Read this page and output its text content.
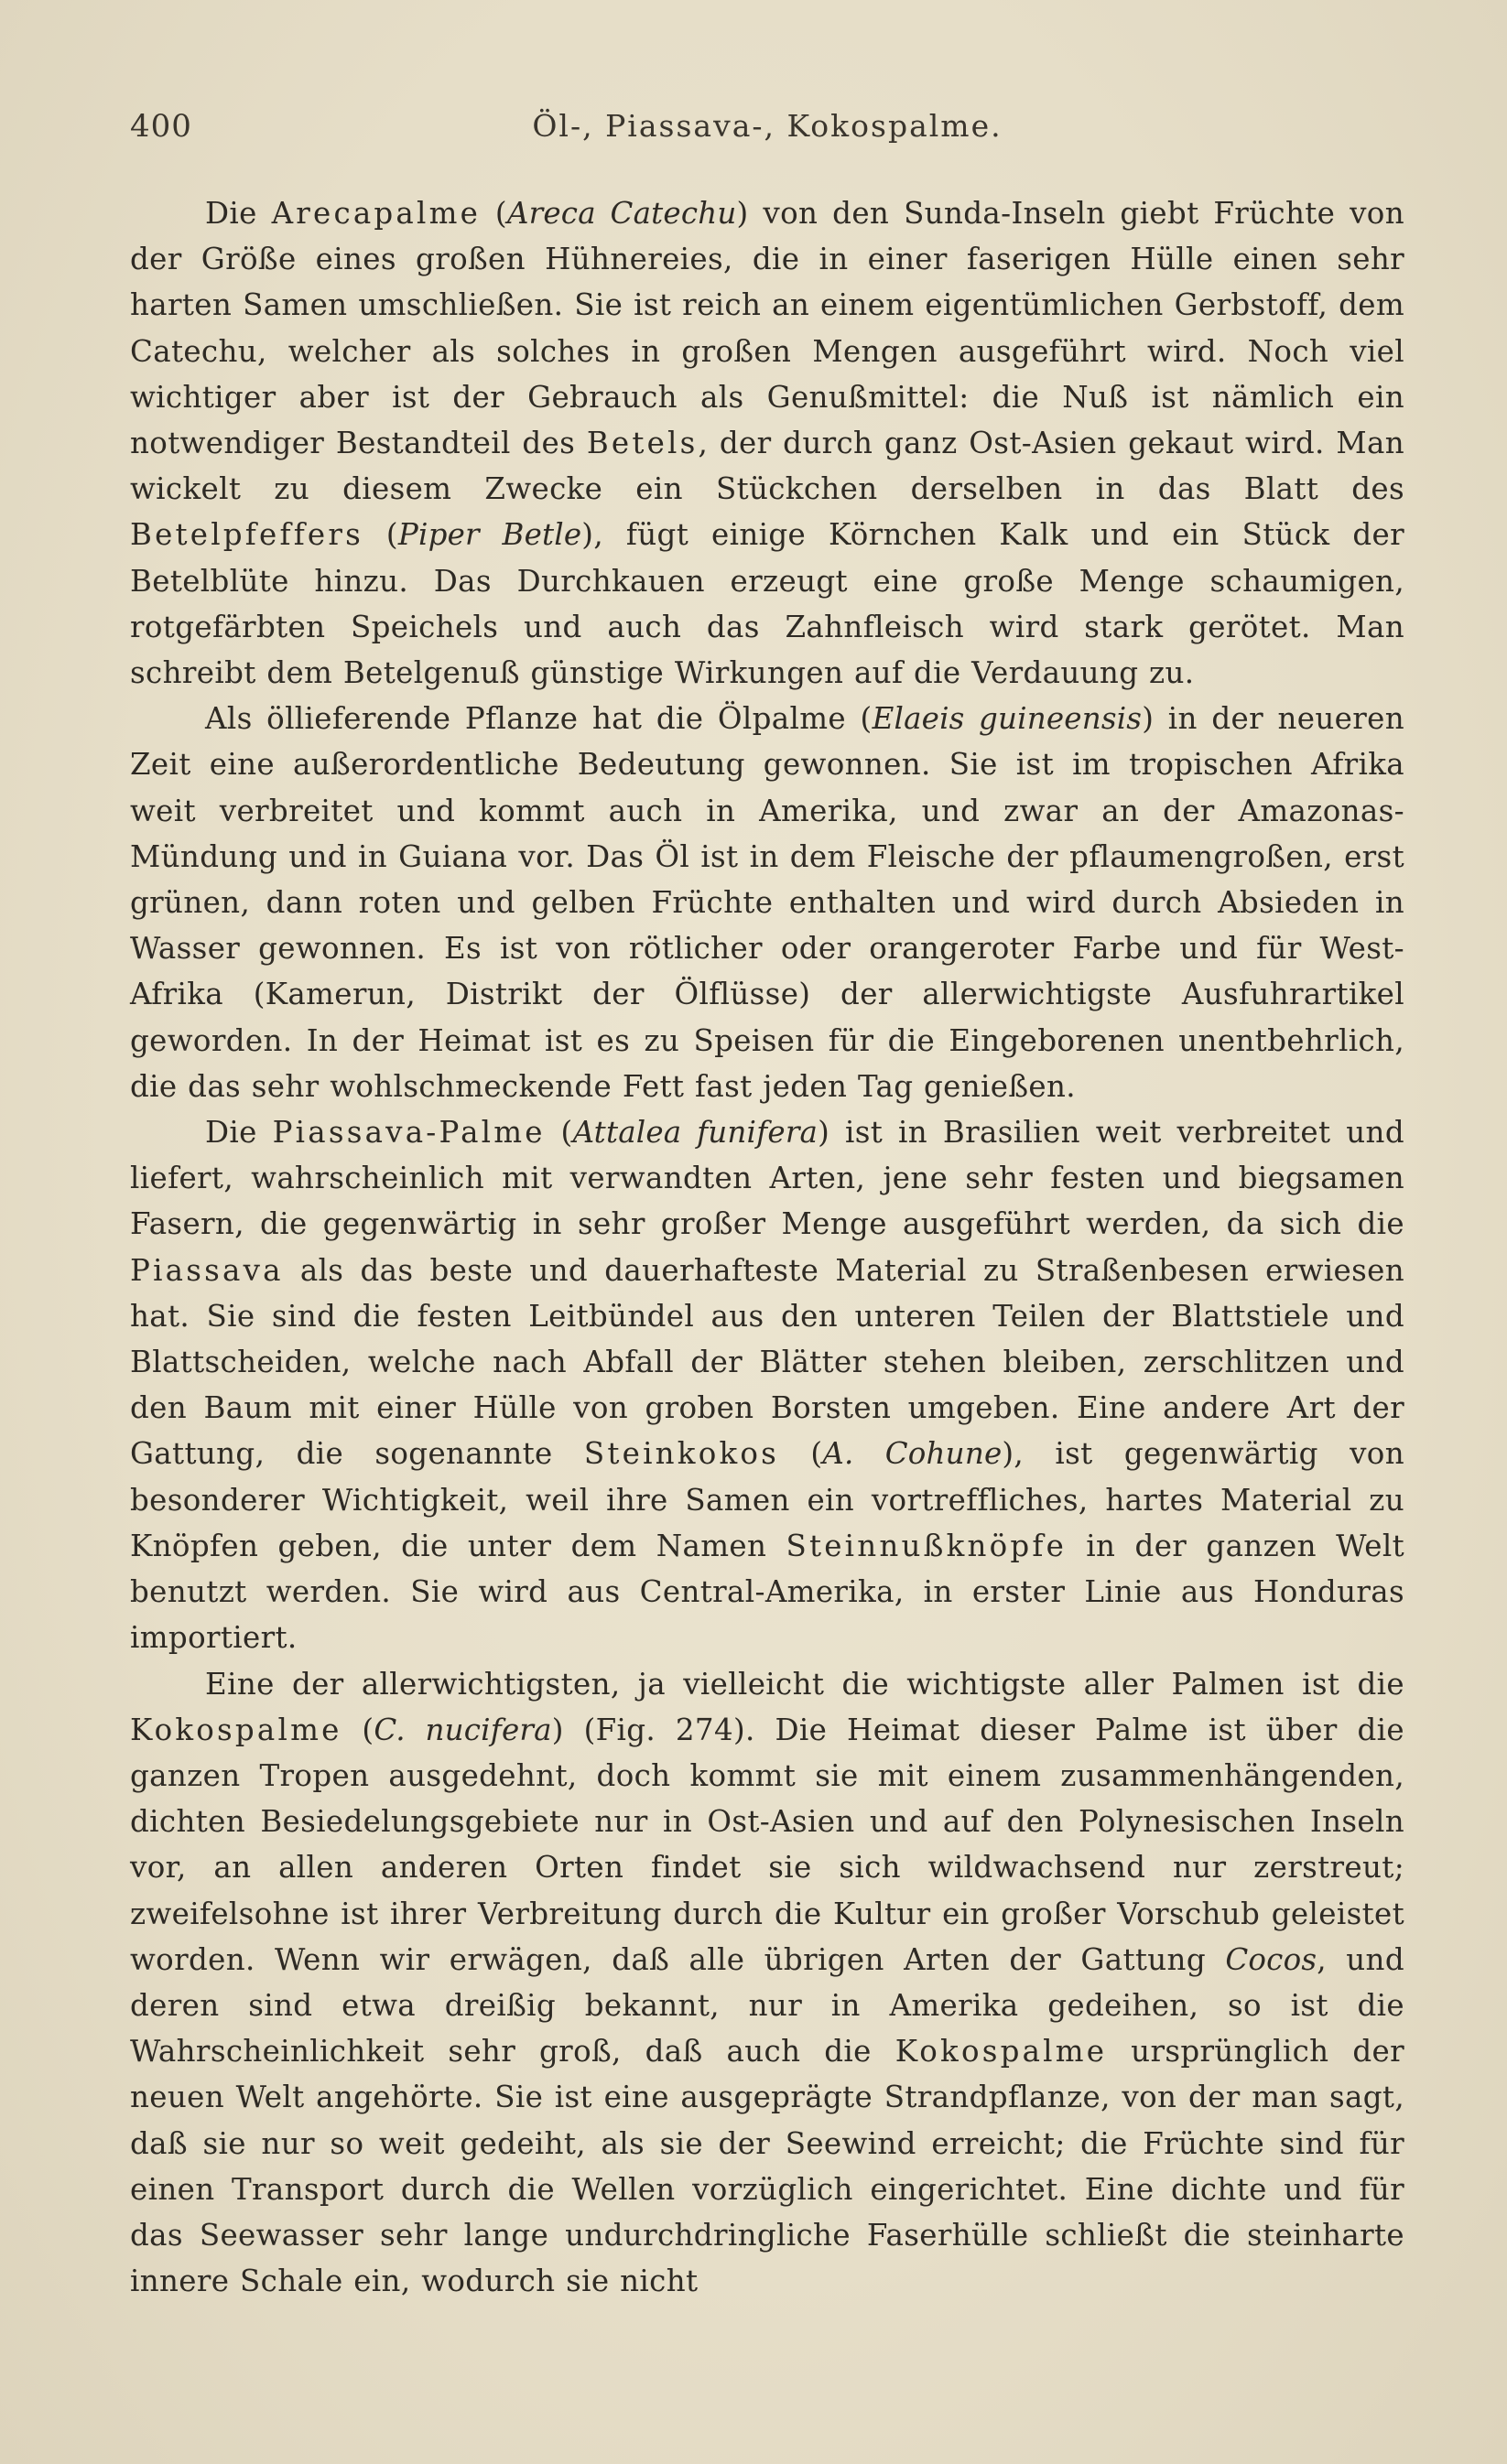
400	Öl-, Piassava-, Kokospalme.

Die Arecapalme (Areca Catechu) von den Sunda-Inseln giebt Früchte von der Größe eines großen Hühnereies, die in einer faserigen Hülle einen sehr harten Samen umschließen. Sie ist reich an einem eigentümlichen Gerbstoff, dem Catechu, welcher als solches in großen Mengen ausgeführt wird. Noch viel wichtiger aber ist der Gebrauch als Genußmittel: die Nuß ist nämlich ein notwendiger Bestandteil des Betels, der durch ganz Ost-Asien gekaut wird. Man wickelt zu diesem Zwecke ein Stückchen derselben in das Blatt des Betelpfeffers (Piper Betle), fügt einige Körnchen Kalk und ein Stück der Betelblüte hinzu. Das Durchkauen erzeugt eine große Menge schaumigen, rotgefärbten Speichels und auch das Zahnfleisch wird stark gerötet. Man schreibt dem Betelgenuß günstige Wirkungen auf die Verdauung zu.

Als öllieferende Pflanze hat die Ölpalme (Elaeis guineensis) in der neueren Zeit eine außerordentliche Bedeutung gewonnen. Sie ist im tropischen Afrika weit verbreitet und kommt auch in Amerika, und zwar an der Amazonas-Mündung und in Guiana vor. Das Öl ist in dem Fleische der pflaumengroßen, erst grünen, dann roten und gelben Früchte enthalten und wird durch Absieden in Wasser gewonnen. Es ist von rötlicher oder orangeroter Farbe und für West-Afrika (Kamerun, Distrikt der Ölflüsse) der allerwichtigste Ausfuhrartikel geworden. In der Heimat ist es zu Speisen für die Eingeborenen unentbehrlich, die das sehr wohlschmeckende Fett fast jeden Tag genießen.

Die Piassava-Palme (Attalea funifera) ist in Brasilien weit verbreitet und liefert, wahrscheinlich mit verwandten Arten, jene sehr festen und biegsamen Fasern, die gegenwärtig in sehr großer Menge ausgeführt werden, da sich die Piassava als das beste und dauerhafteste Material zu Straßenbesen erwiesen hat. Sie sind die festen Leitbündel aus den unteren Teilen der Blattstiele und Blattscheiden, welche nach Abfall der Blätter stehen bleiben, zerschlitzen und den Baum mit einer Hülle von groben Borsten umgeben. Eine andere Art der Gattung, die sogenannte Steinkokos (A. Cohune), ist gegenwärtig von besonderer Wichtigkeit, weil ihre Samen ein vortreffliches, hartes Material zu Knöpfen geben, die unter dem Namen Steinnußknöpfe in der ganzen Welt benutzt werden. Sie wird aus Central-Amerika, in erster Linie aus Honduras importiert.

Eine der allerwichtigsten, ja vielleicht die wichtigste aller Palmen ist die Kokospalme (C. nucifera) (Fig. 274). Die Heimat dieser Palme ist über die ganzen Tropen ausgedehnt, doch kommt sie mit einem zusammenhängenden, dichten Besiedelungsgebiete nur in Ost-Asien und auf den Polynesischen Inseln vor, an allen anderen Orten findet sie sich wildwachsend nur zerstreut; zweifelsohne ist ihrer Verbreitung durch die Kultur ein großer Vorschub geleistet worden. Wenn wir erwägen, daß alle übrigen Arten der Gattung Cocos, und deren sind etwa dreißig bekannt, nur in Amerika gedeihen, so ist die Wahrscheinlichkeit sehr groß, daß auch die Kokospalme ursprünglich der neuen Welt angehörte. Sie ist eine ausgeprägte Strandpflanze, von der man sagt, daß sie nur so weit gedeiht, als sie der Seewind erreicht; die Früchte sind für einen Transport durch die Wellen vorzüglich eingerichtet. Eine dichte und für das Seewasser sehr lange undurchdringliche Faserhülle schließt die steinharte innere Schale ein, wodurch sie nicht
